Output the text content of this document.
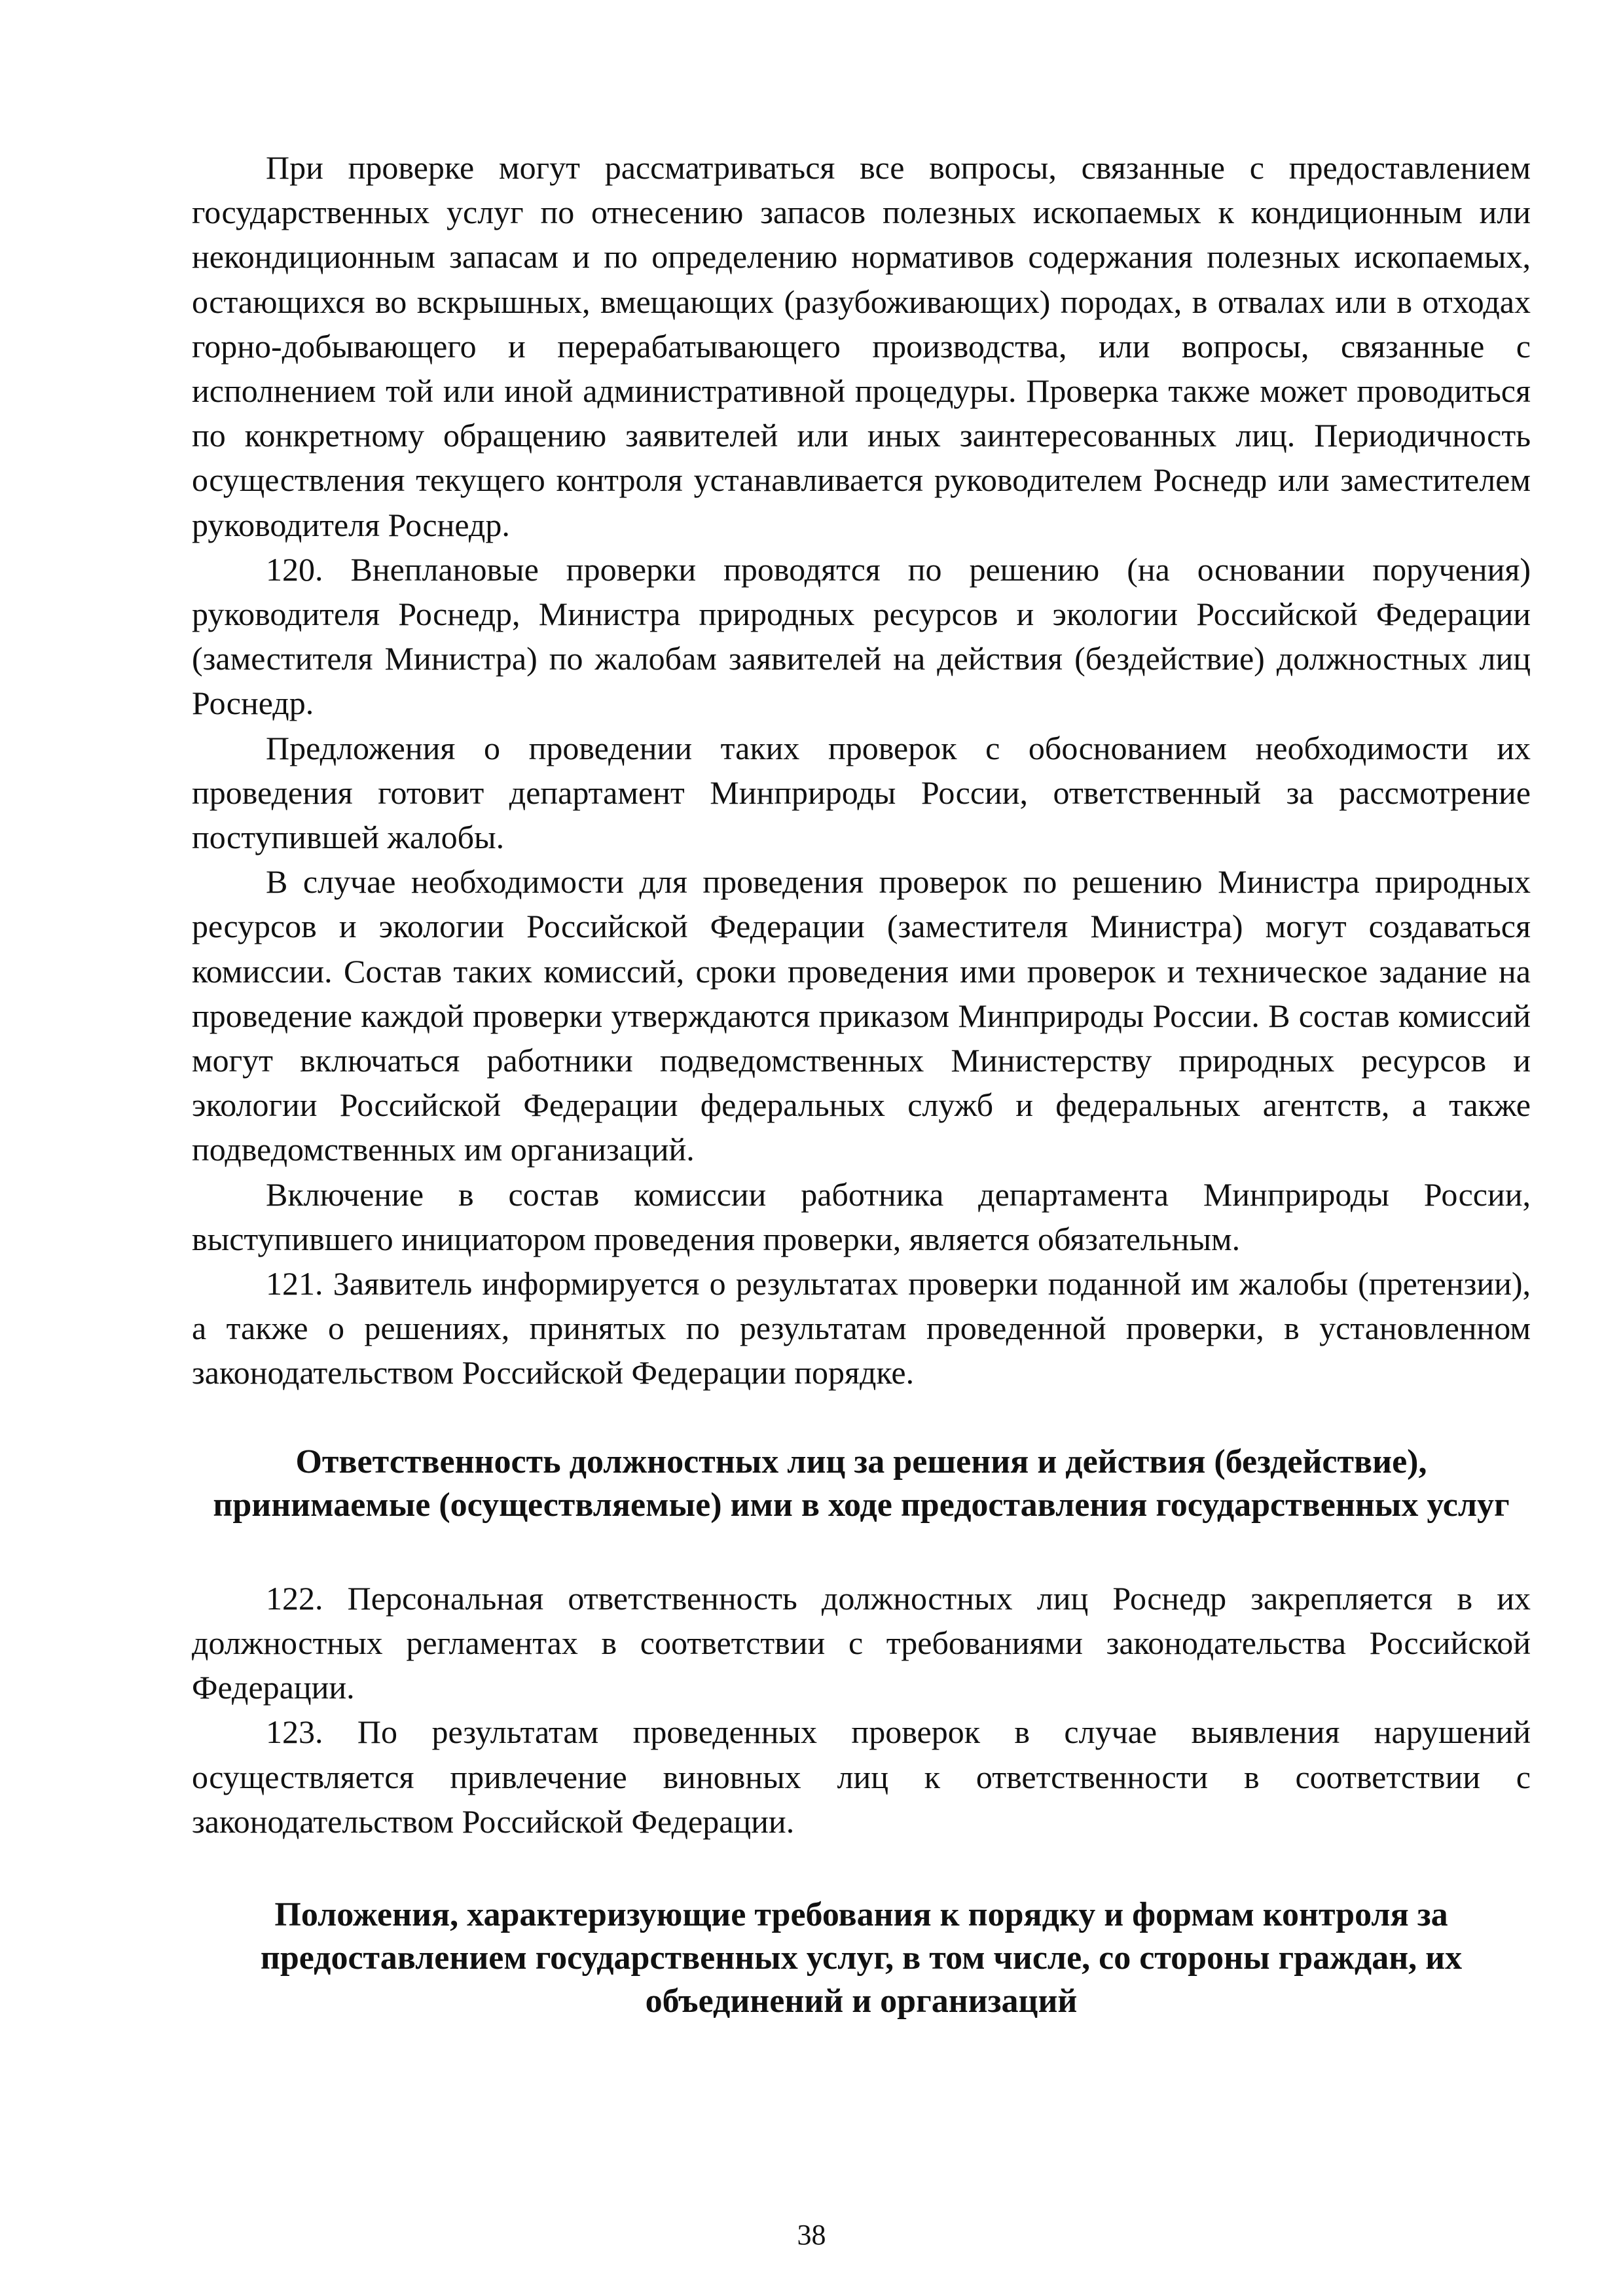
При проверке могут рассматриваться все вопросы, связанные с предоставлением государственных услуг по отнесению запасов полезных ископаемых к кондиционным или некондиционным запасам и по определению нормативов содержания полезных ископаемых, остающихся во вскрышных, вмещающих (разубоживающих) породах, в отвалах или в отходах горно-добывающего и перерабатывающего производства, или вопросы, связанные с исполнением той или иной административной процедуры. Проверка также может проводиться по конкретному обращению заявителей или иных заинтересованных лиц. Периодичность осуществления текущего контроля устанавливается руководителем Роснедр или заместителем руководителя Роснедр.

120. Внеплановые проверки проводятся по решению (на основании поручения) руководителя Роснедр, Министра природных ресурсов и экологии Российской Федерации (заместителя Министра) по жалобам заявителей на действия (бездействие) должностных лиц Роснедр.

Предложения о проведении таких проверок с обоснованием необходимости их проведения готовит департамент Минприроды России, ответственный за рассмотрение поступившей жалобы.

В случае необходимости для проведения проверок по решению Министра природных ресурсов и экологии Российской Федерации (заместителя Министра) могут создаваться комиссии. Состав таких комиссий, сроки проведения ими проверок и техническое задание на проведение каждой проверки утверждаются приказом Минприроды России. В состав комиссий могут включаться работники подведомственных Министерству природных ресурсов и экологии Российской Федерации федеральных служб и федеральных агентств, а также подведомственных им организаций.

Включение в состав комиссии работника департамента Минприроды России, выступившего инициатором проведения проверки, является обязательным.

121. Заявитель информируется о результатах проверки поданной им жалобы (претензии), а также о решениях, принятых по результатам проведенной проверки, в установленном законодательством Российской Федерации порядке.

Ответственность должностных лиц за решения и действия (бездействие), принимаемые (осуществляемые) ими в ходе предоставления государственных услуг

122. Персональная ответственность должностных лиц Роснедр закрепляется в их должностных регламентах в соответствии с требованиями законодательства Российской Федерации.

123. По результатам проведенных проверок в случае выявления нарушений осуществляется привлечение виновных лиц к ответственности в соответствии с законодательством Российской Федерации.

Положения, характеризующие требования к порядку и формам контроля за предоставлением государственных услуг, в том числе, со стороны граждан, их объединений и организаций
38
